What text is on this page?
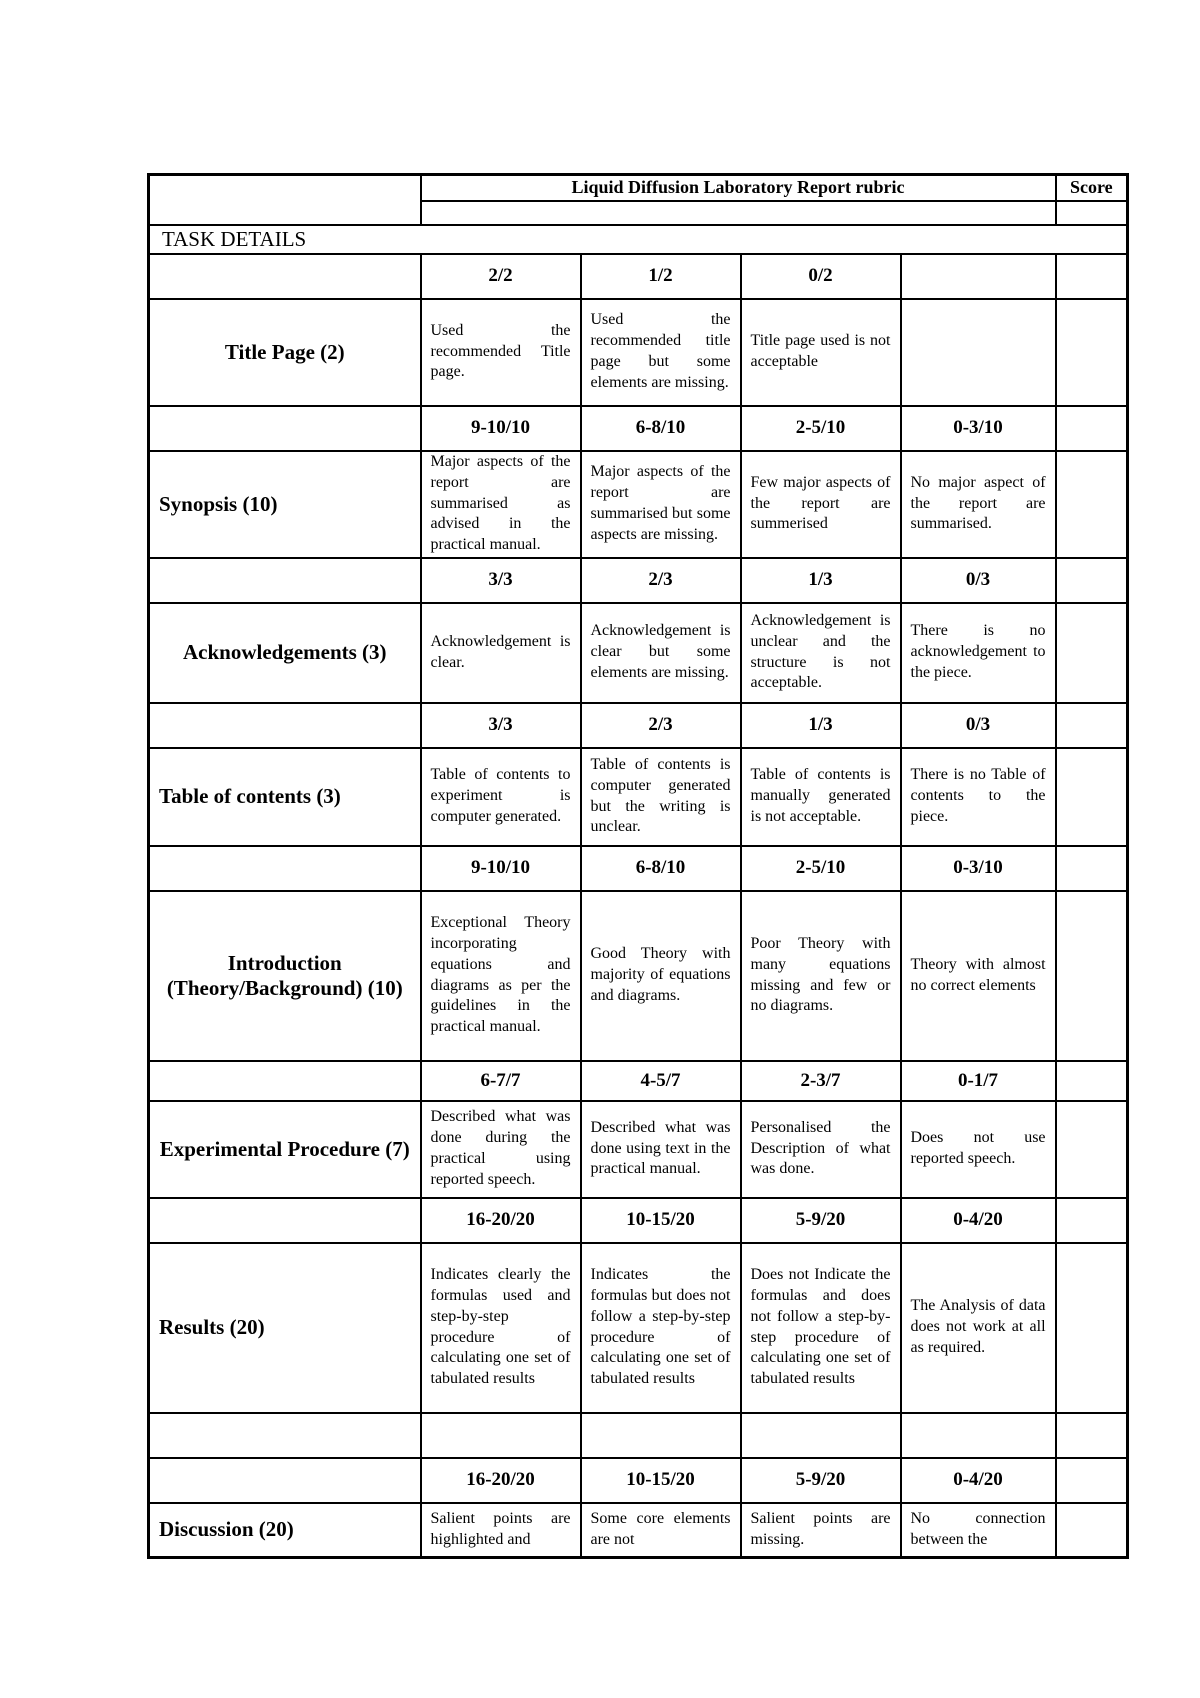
	Liquid Diffusion Laboratory Report rubric				Score

TASK DETAILS					
	2/2	1/2	0/2		
Title Page (2)	Used the recommended Title page.	Used the recommended title page but some elements are missing.	Title page used is not acceptable		
	9-10/10	6-8/10	2-5/10	0-3/10	
Synopsis (10)	Major aspects of the report are summarised as advised in the practical manual.	Major aspects of the report are summarised but some aspects are missing.	Few major aspects of the report are summerised	No major aspect of the report are summarised.	
	3/3	2/3	1/3	0/3	
Acknowledgements (3)	Acknowledgement is clear.	Acknowledgement is clear but some elements are missing.	Acknowledgement is unclear and the structure is not acceptable.	There is no acknowledgement to the piece.	
	3/3	2/3	1/3	0/3	
Table of contents (3)	Table of contents to experiment is computer generated.	Table of contents is computer generated but the writing is unclear.	Table of contents is manually generated is not acceptable.	There is no Table of contents to the piece.	
	9-10/10	6-8/10	2-5/10	0-3/10	
Introduction (Theory/Background) (10)	Exceptional Theory incorporating equations and diagrams as per the guidelines in the practical manual.	Good Theory with majority of equations and diagrams.	Poor Theory with many equations missing and few or no diagrams.	Theory with almost no correct elements	
	6-7/7	4-5/7	2-3/7	0-1/7	
Experimental Procedure (7)	Described what was done during the practical using reported speech.	Described what was done using text in the practical manual.	Personalised the Description of what was done.	Does not use reported speech.	
	16-20/20	10-15/20	5-9/20	0-4/20	
Results (20)	Indicates clearly the formulas used and step-by-step procedure of calculating one set of tabulated results	Indicates the formulas but does not follow a step-by-step procedure of calculating one set of tabulated results	Does not Indicate the formulas and does not follow a step-by-step procedure of calculating one set of tabulated results	The Analysis of data does not work at all as required.	

	16-20/20	10-15/20	5-9/20	0-4/20	
Discussion (20)	Salient points are highlighted and	Some core elements are not	Salient points are missing.	No connection between the	
